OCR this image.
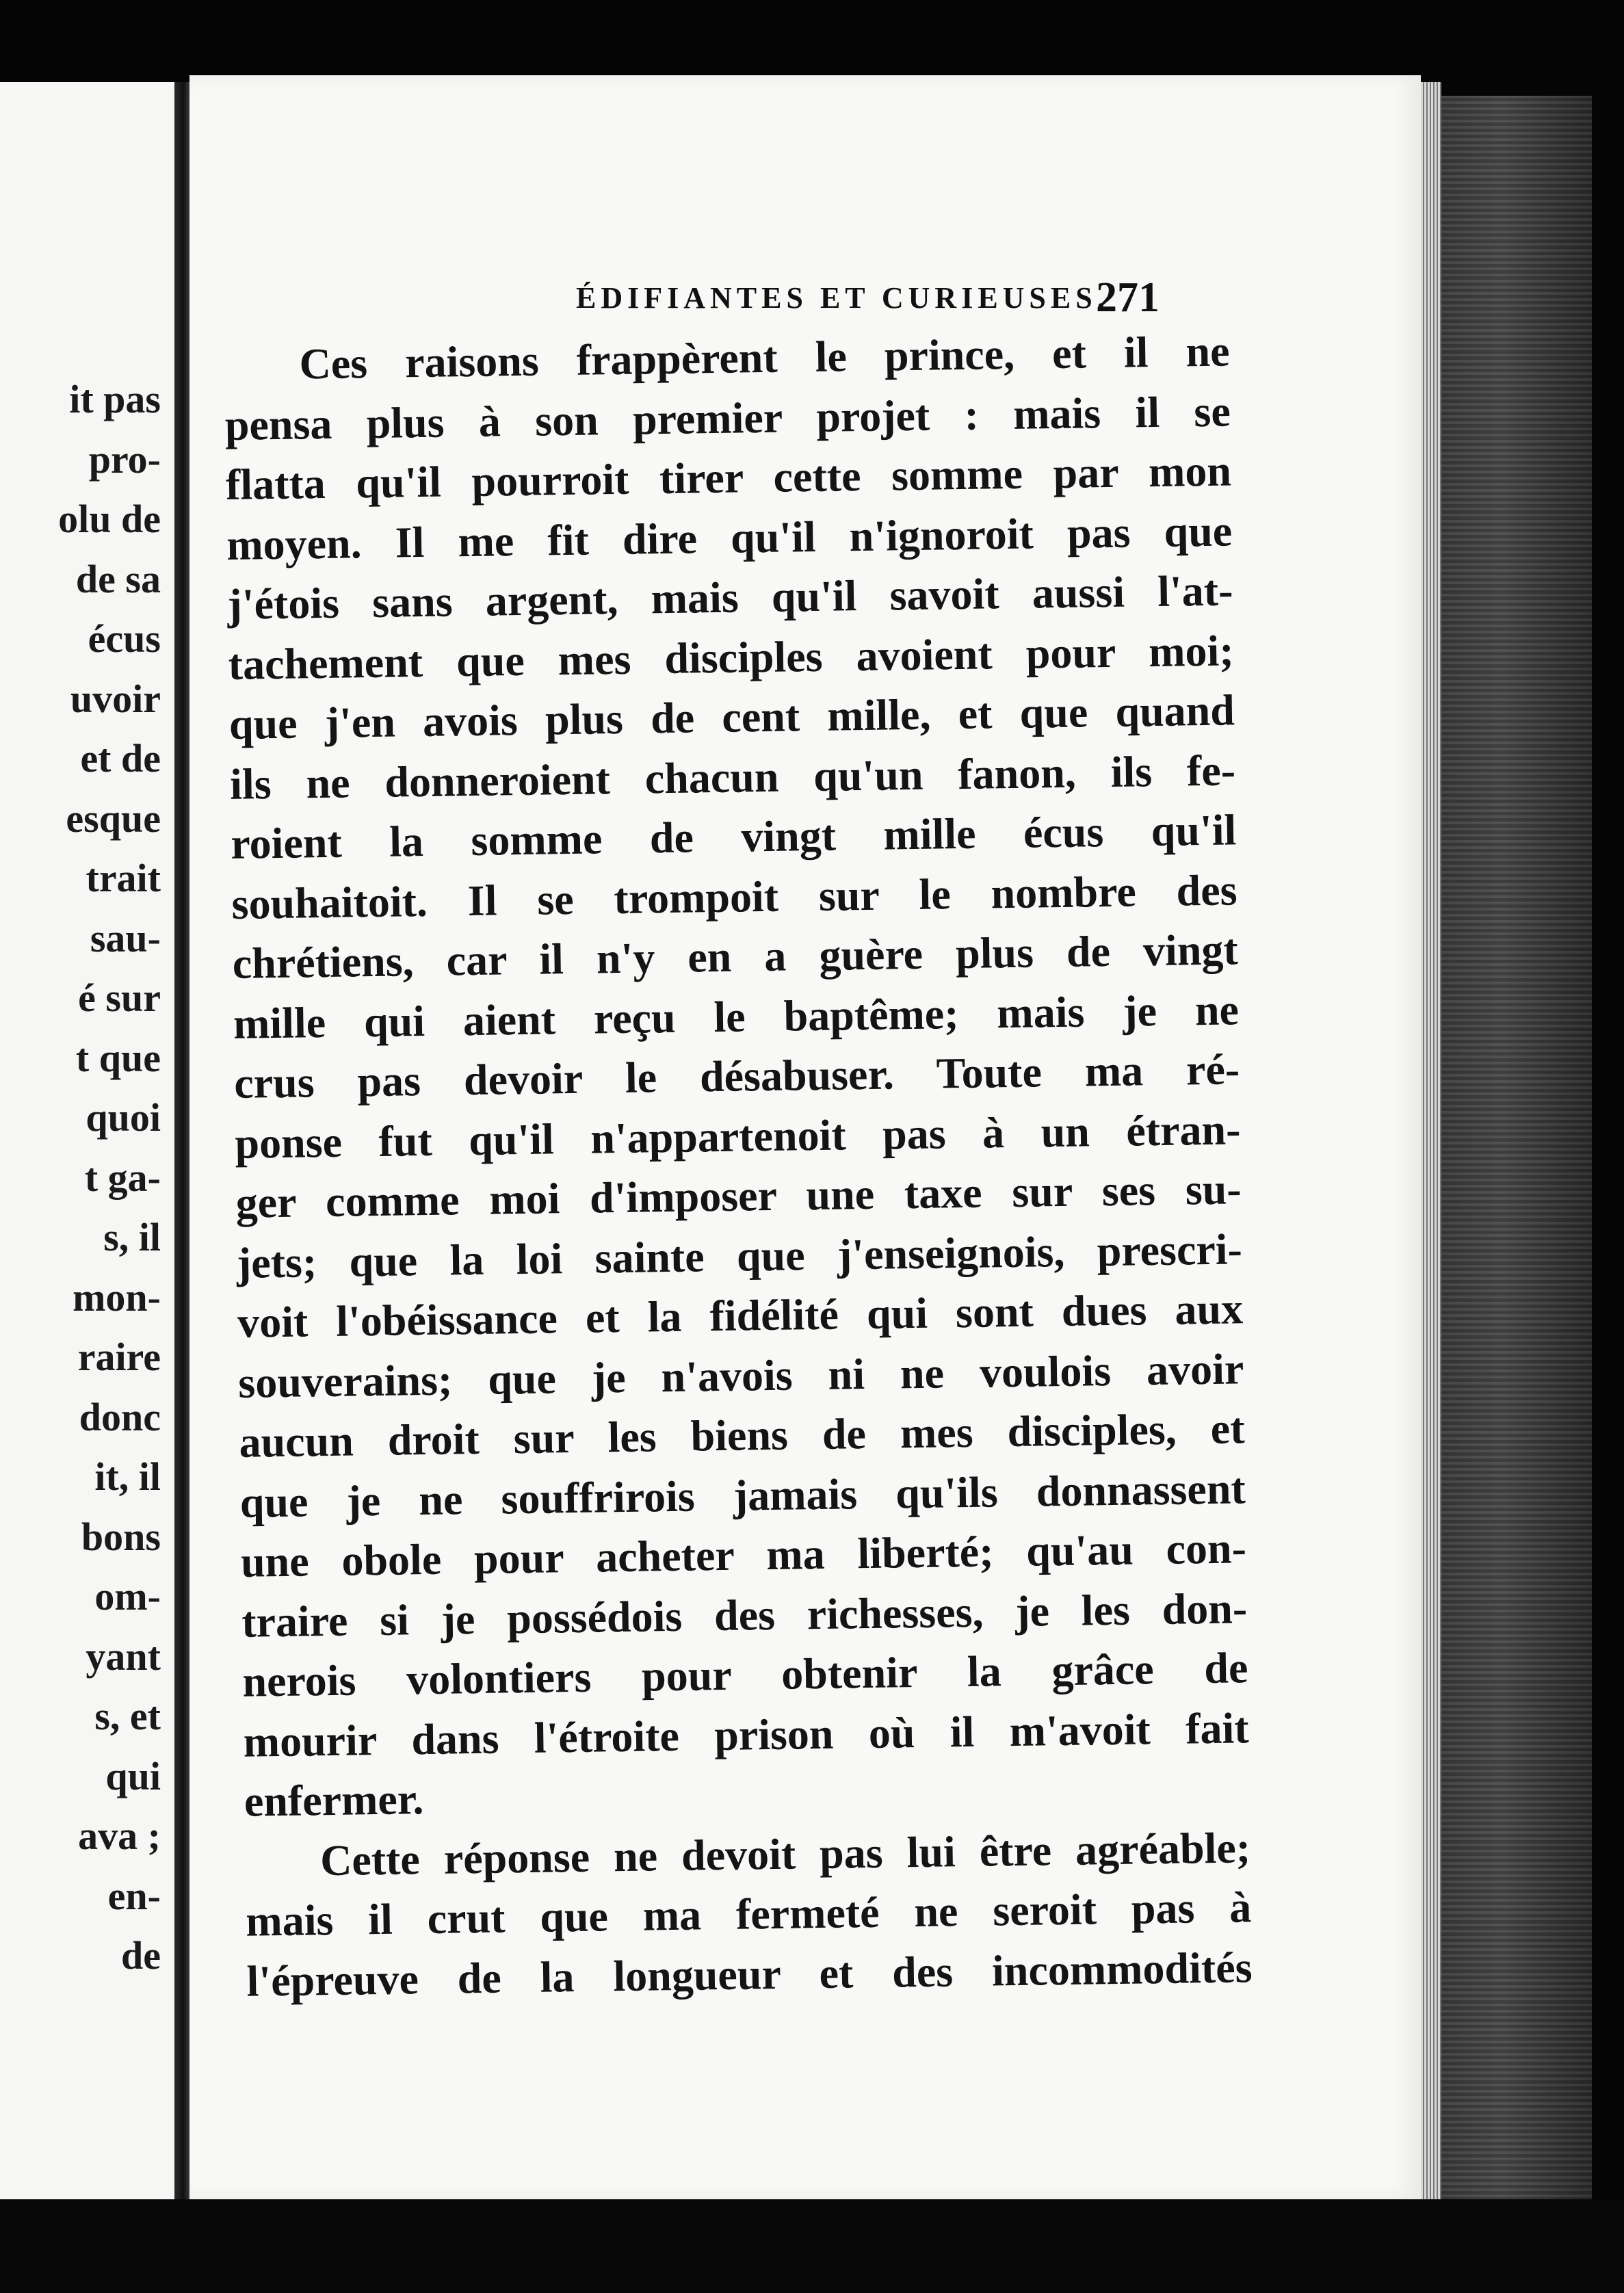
it pas
pro-
olu de
de sa
écus
uvoir
et de
esque
trait
sau-
é sur
t que
quoi
t ga-
s, il
mon-
raire
donc
it, il
bons
om-
yant
s, et
qui
ava ;
en-
de
ÉDIFIANTES ET CURIEUSES.
271
Ces raisons frappèrent le prince, et il ne
pensa plus à son premier projet : mais il se
flatta qu'il pourroit tirer cette somme par mon
moyen. Il me fit dire qu'il n'ignoroit pas que
j'étois sans argent, mais qu'il savoit aussi l'at-
tachement que mes disciples avoient pour moi;
que j'en avois plus de cent mille, et que quand
ils ne donneroient chacun qu'un fanon, ils fe-
roient la somme de vingt mille écus qu'il
souhaitoit. Il se trompoit sur le nombre des
chrétiens, car il n'y en a guère plus de vingt
mille qui aient reçu le baptême; mais je ne
crus pas devoir le désabuser. Toute ma ré-
ponse fut qu'il n'appartenoit pas à un étran-
ger comme moi d'imposer une taxe sur ses su-
jets; que la loi sainte que j'enseignois, prescri-
voit l'obéissance et la fidélité qui sont dues aux
souverains; que je n'avois ni ne voulois avoir
aucun droit sur les biens de mes disciples, et
que je ne souffrirois jamais qu'ils donnassent
une obole pour acheter ma liberté; qu'au con-
traire si je possédois des richesses, je les don-
nerois volontiers pour obtenir la grâce de
mourir dans l'étroite prison où il m'avoit fait
enfermer.
Cette réponse ne devoit pas lui être agréable;
mais il crut que ma fermeté ne seroit pas à
l'épreuve de la longueur et des incommodités
